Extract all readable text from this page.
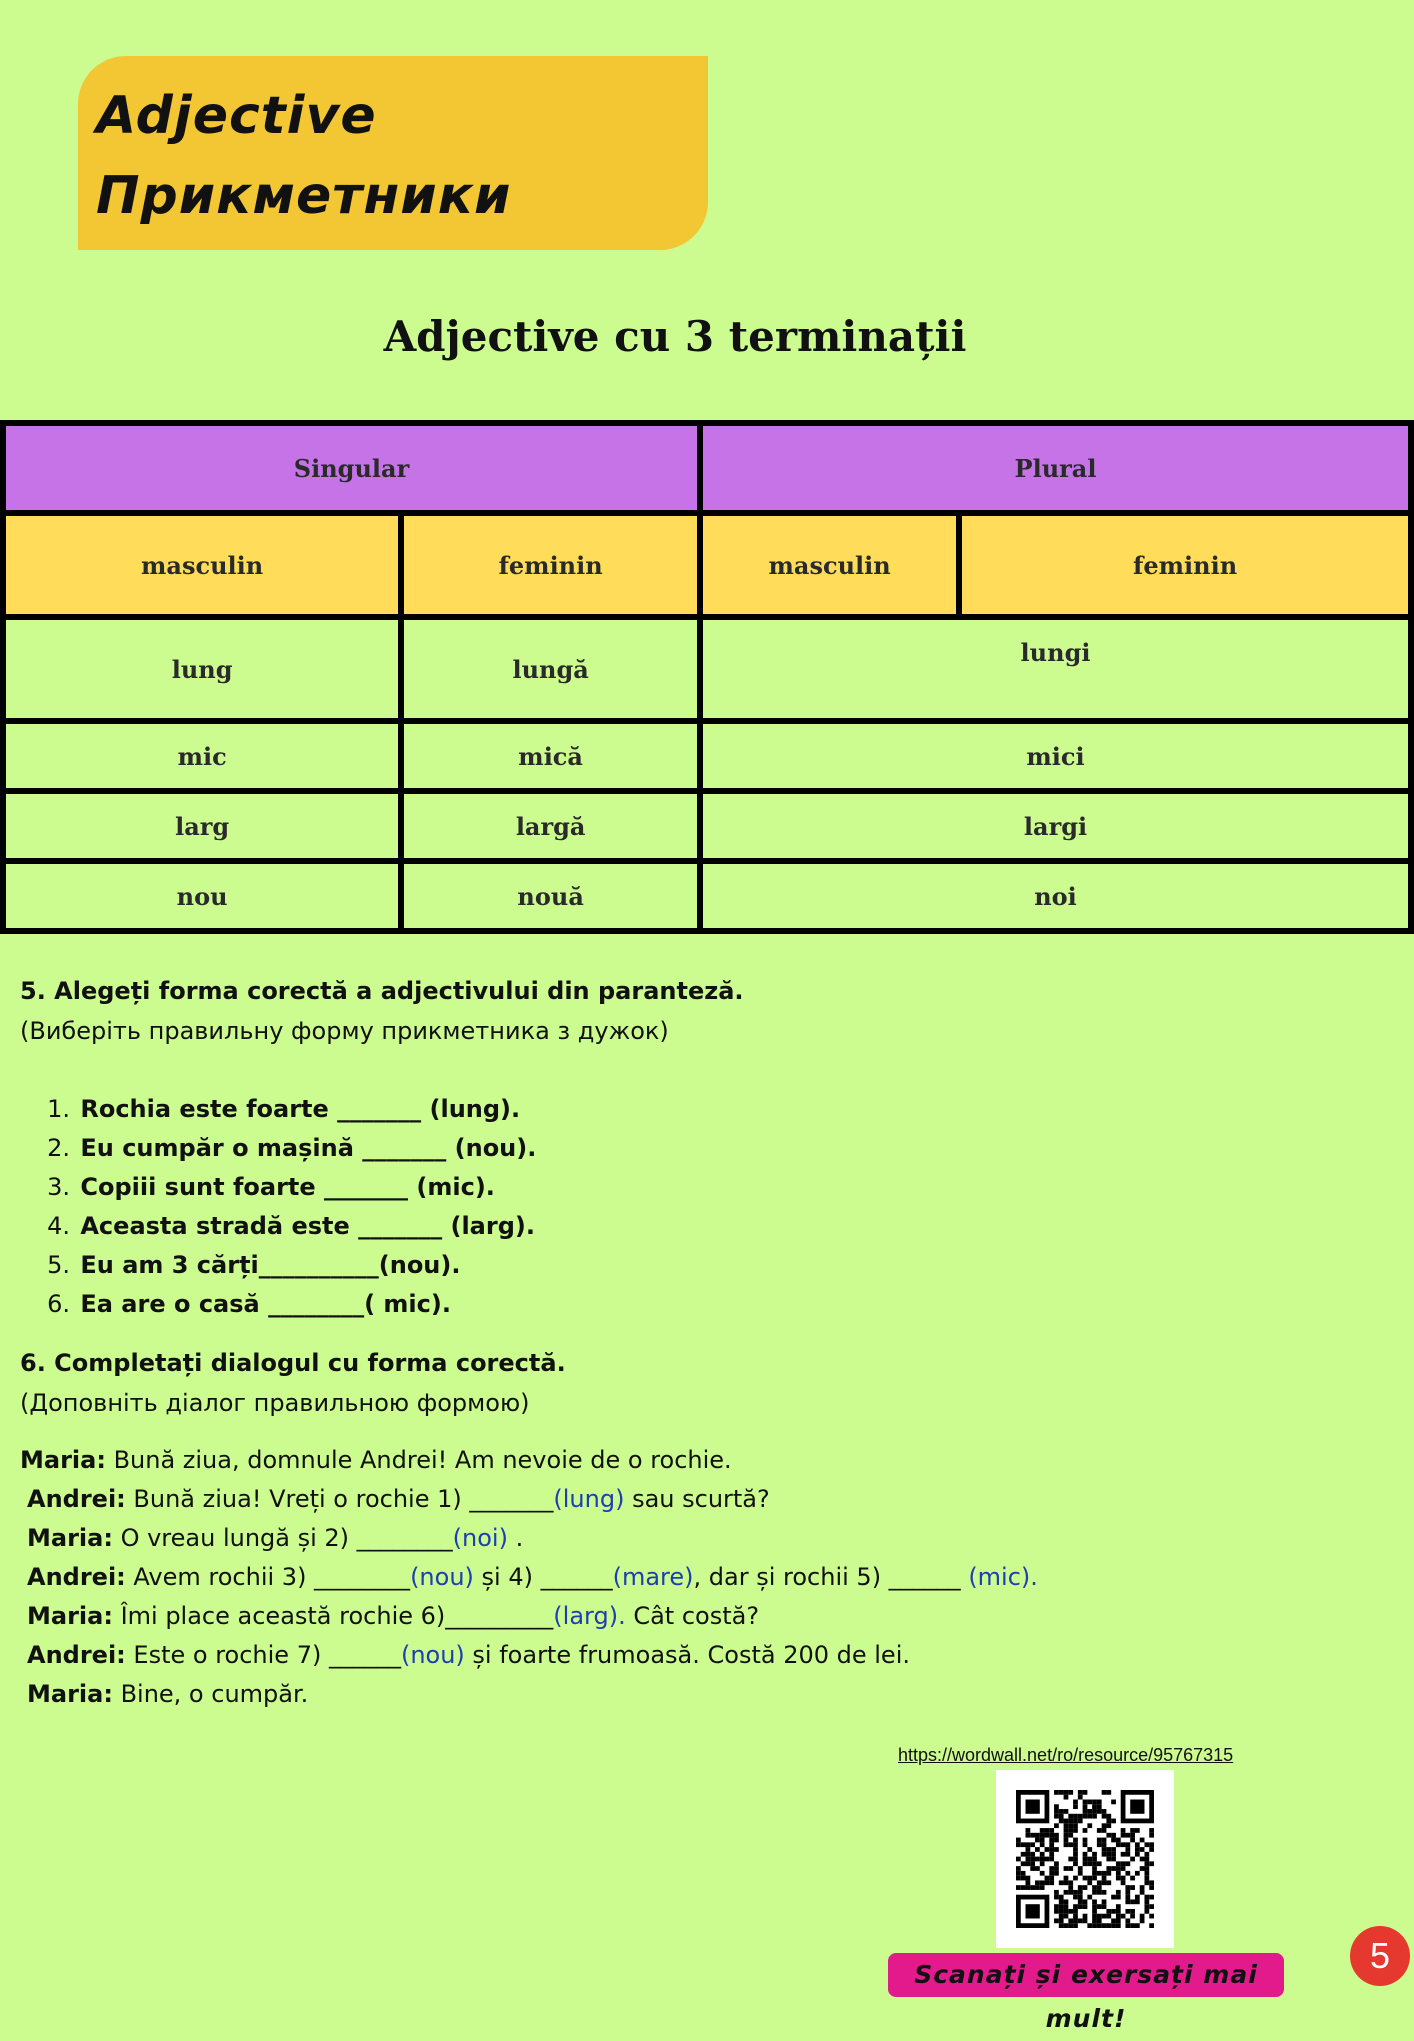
Adjective
Прикметники
Adjective cu 3 terminații
Singular		Plural	
masculin	feminin	masculin	feminin
lung	lungă	lungi	
mic	mică	mici	
larg	largă	largi	
nou	nouă	noi	
5. Alegeți forma corectă a adjectivului din paranteză.
(Виберіть правильну форму прикметника з дужок)
1. Rochia este foarte _______ (lung).
2. Eu cumpăr o mașină _______ (nou).
3. Copiii sunt foarte _______ (mic).
4. Aceasta stradă este _______ (larg).
5. Eu am 3 cărți__________(nou).
6. Ea are o casă ________( mic).
6. Completați dialogul cu forma corectă.
(Доповніть діалог правильною формою)
Maria: Bună ziua, domnule Andrei! Am nevoie de o rochie.
Andrei: Bună ziua! Vreți o rochie 1) _______(lung) sau scurtă?
Maria: O vreau lungă și 2) ________(noi) .
Andrei: Avem rochii 3) ________(nou) și 4) ______(mare), dar și rochii 5) ______ (mic).
Maria: Îmi place această rochie 6)_________(larg). Cât costă?
Andrei: Este o rochie 7) ______(nou) și foarte frumoasă. Costă 200 de lei.
Maria: Bine, o cumpăr.
https://wordwall.net/ro/resource/95767315
Scanați și exersați mai mult!
5
